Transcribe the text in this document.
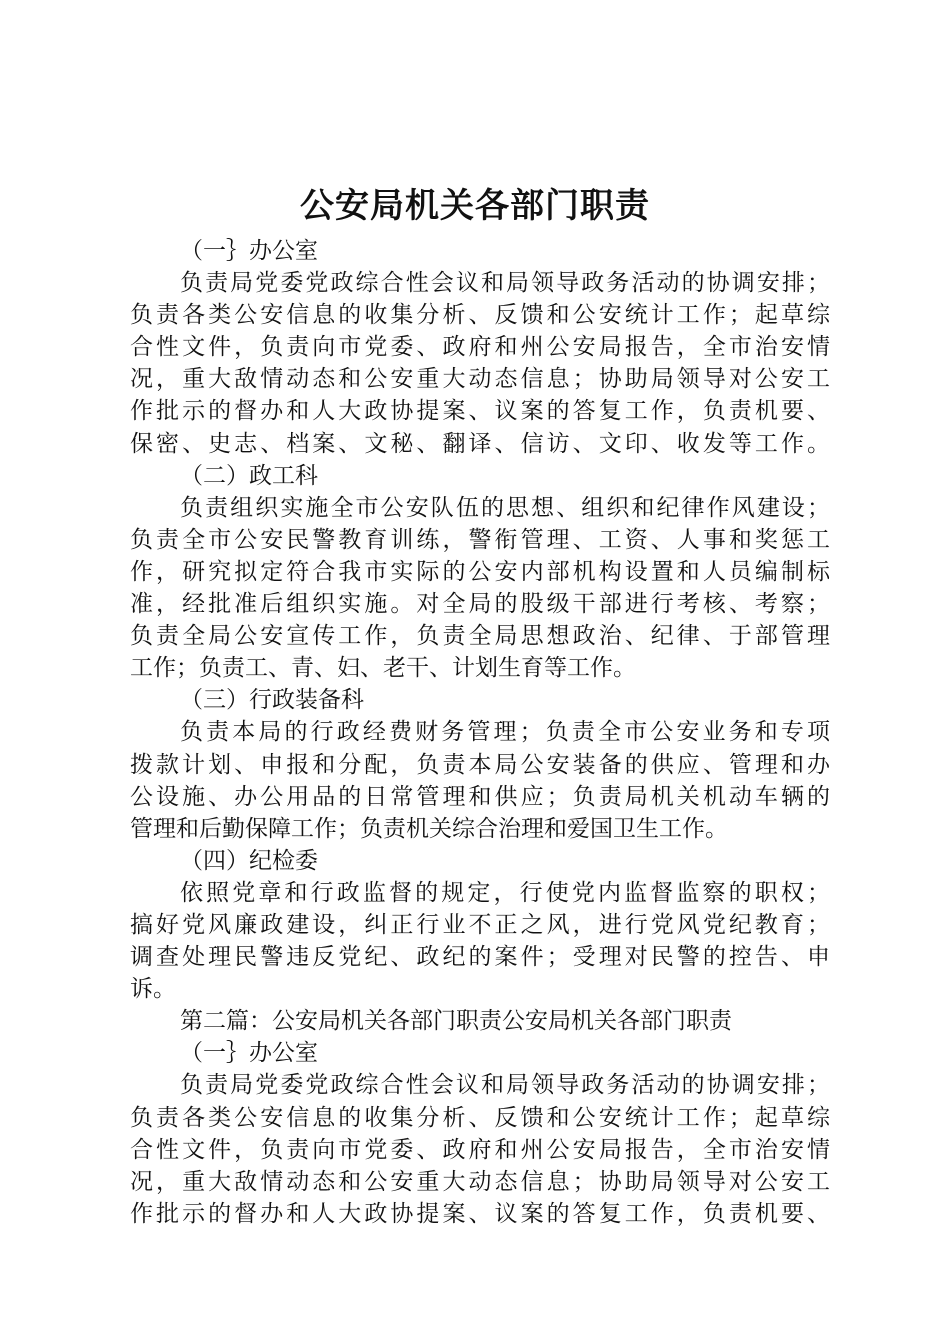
公安局机关各部门职责
（一｝办公室
负责局党委党政综合性会议和局领导政务活动的协调安排；
负责各类公安信息的收集分析、反馈和公安统计工作；起草综
合性文件，负责向市党委、政府和州公安局报告，全市治安情
况，重大敌情动态和公安重大动态信息；协助局领导对公安工
作批示的督办和人大政协提案、议案的答复工作，负责机要、
保密、史志、档案、文秘、翻译、信访、文印、收发等工作。
（二）政工科
负责组织实施全市公安队伍的思想、组织和纪律作风建设；
负责全市公安民警教育训练，警衔管理、工资、人事和奖惩工
作，研究拟定符合我市实际的公安内部机构设置和人员编制标
准，经批准后组织实施。对全局的股级干部进行考核、考察；
负责全局公安宣传工作，负责全局思想政治、纪律、于部管理
工作；负责工、青、妇、老干、计划生育等工作。
（三）行政装备科
负责本局的行政经费财务管理；负责全市公安业务和专项
拨款计划、申报和分配，负责本局公安装备的供应、管理和办
公设施、办公用品的日常管理和供应；负责局机关机动车辆的
管理和后勤保障工作；负责机关综合治理和爱国卫生工作。
（四）纪检委
依照党章和行政监督的规定，行使党内监督监察的职权；
搞好党风廉政建设，纠正行业不正之风，进行党风党纪教育；
调查处理民警违反党纪、政纪的案件；受理对民警的控告、申
诉。
第二篇：公安局机关各部门职责公安局机关各部门职责
（一｝办公室
负责局党委党政综合性会议和局领导政务活动的协调安排；
负责各类公安信息的收集分析、反馈和公安统计工作；起草综
合性文件，负责向市党委、政府和州公安局报告，全市治安情
况，重大敌情动态和公安重大动态信息；协助局领导对公安工
作批示的督办和人大政协提案、议案的答复工作，负责机要、
